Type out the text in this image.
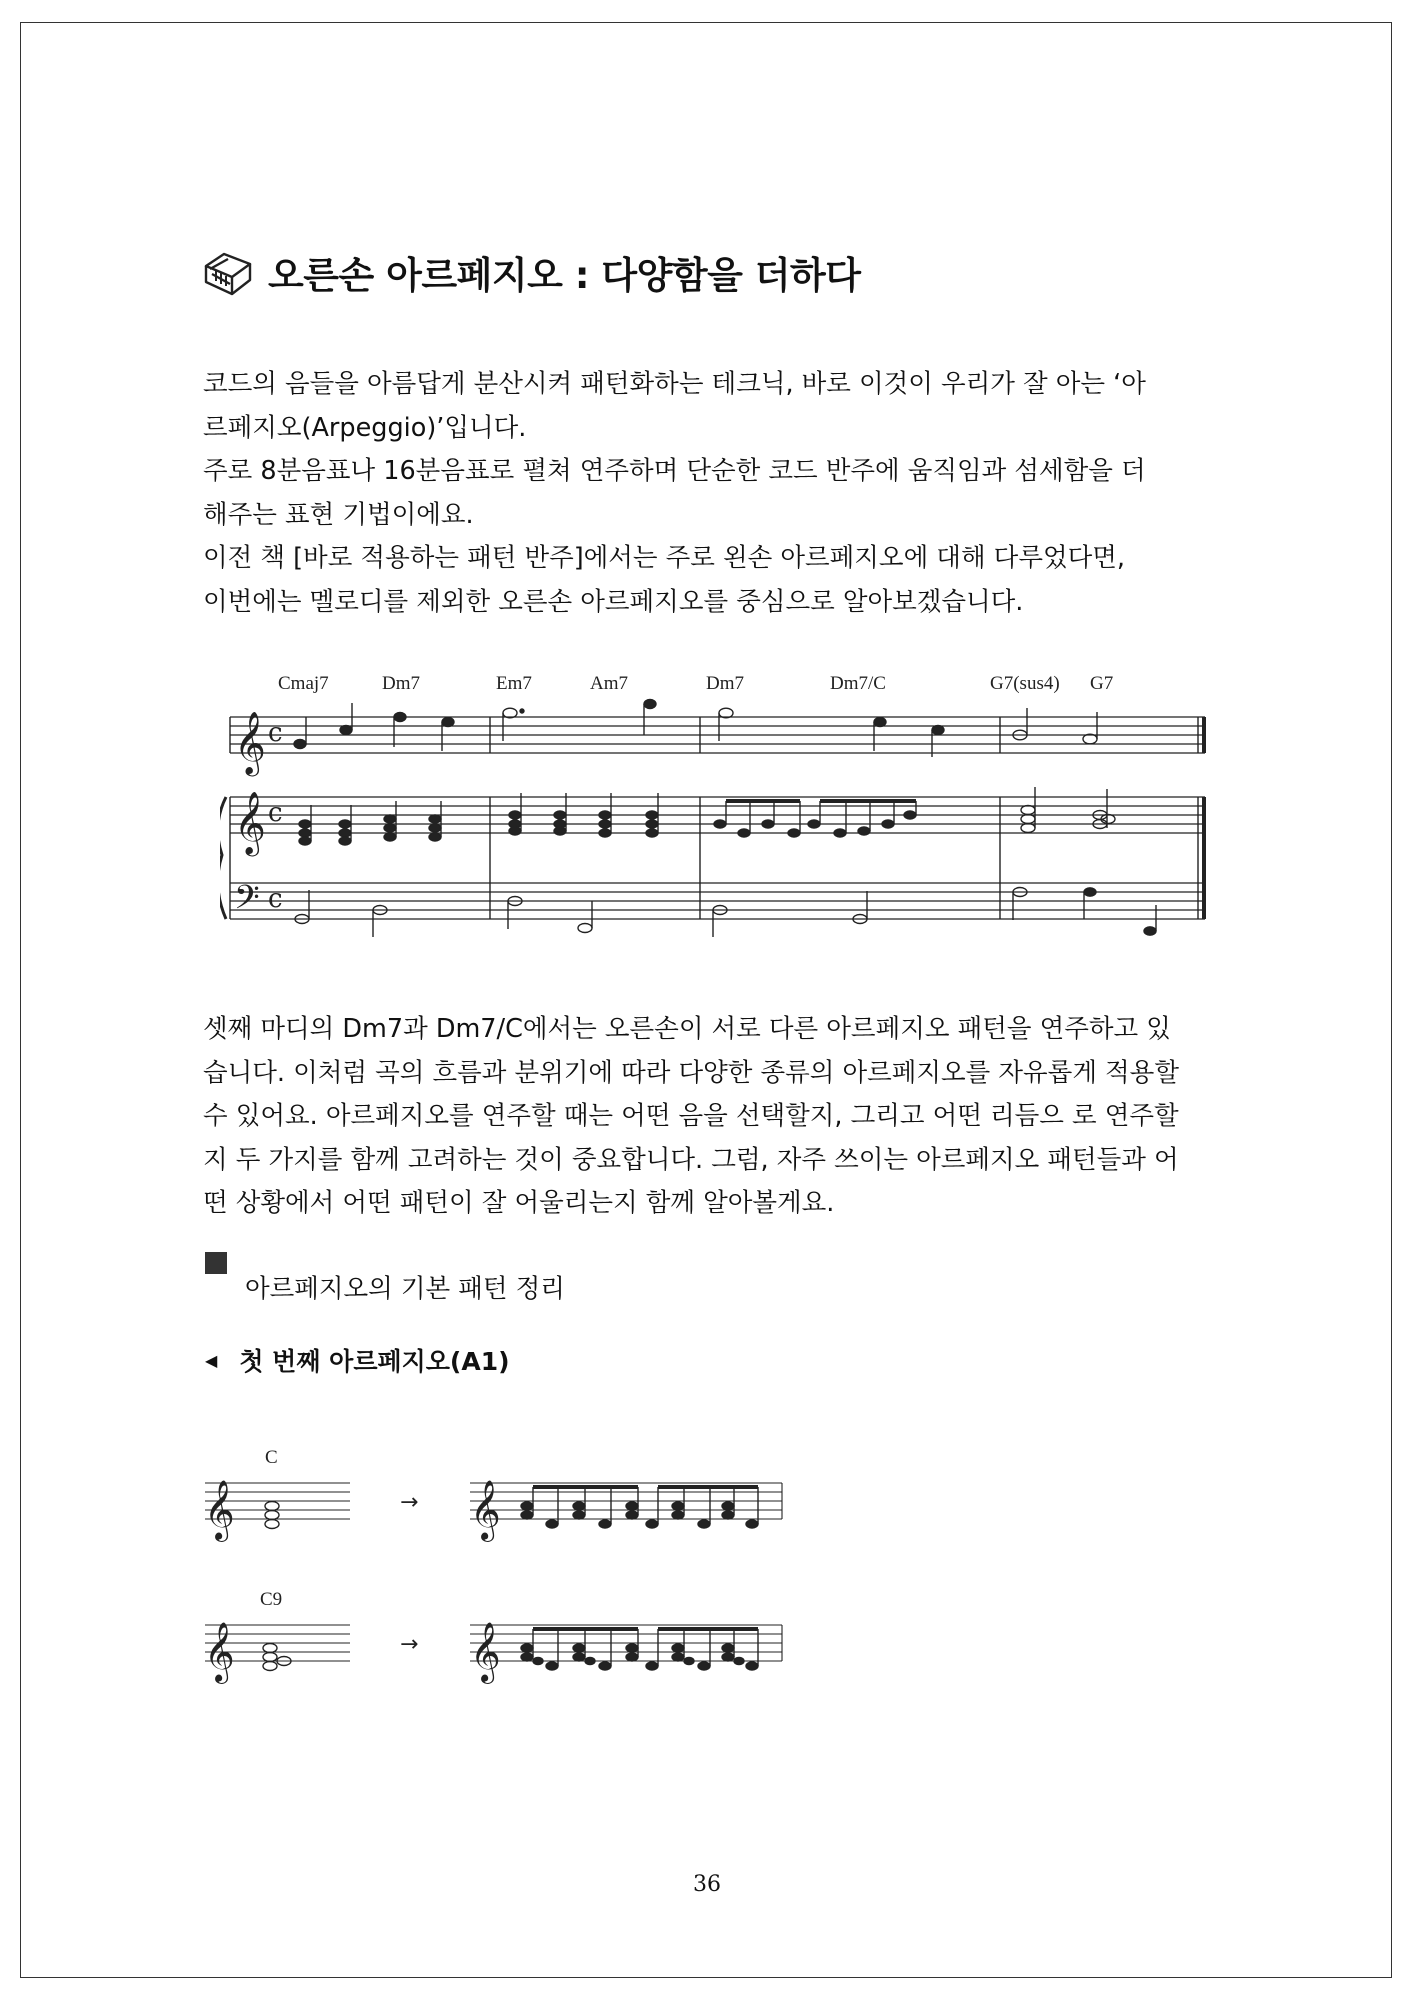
오른손 아르페지오 : 다양함을 더하다
코드의 음들을 아름답게 분산시켜 패턴화하는 테크닉, 바로 이것이 우리가 잘 아는 ‘아
르페지오(Arpeggio)’입니다.
주로 8분음표나 16분음표로 펼쳐 연주하며 단순한 코드 반주에 움직임과 섬세함을 더
해주는 표현 기법이에요.
이전 책 [바로 적용하는 패턴 반주]에서는 주로 왼손 아르페지오에 대해 다루었다면,
이번에는 멜로디를 제외한 오른손 아르페지오를 중심으로 알아보겠습니다.
Cmaj7	Dm7	Em7	Am7	Dm7	Dm7/C	G7(sus4) G7
𝄞
𝄞
𝄢
c
c
c
셋째 마디의 Dm7과 Dm7/C에서는 오른손이 서로 다른 아르페지오 패턴을 연주하고 있
습니다. 이처럼 곡의 흐름과 분위기에 따라 다양한 종류의 아르페지오를 자유롭게 적용할
수 있어요. 아르페지오를 연주할 때는 어떤 음을 선택할지, 그리고 어떤 리듬으 로 연주할
지 두 가지를 함께 고려하는 것이 중요합니다. 그럼, 자주 쓰이는 아르페지오 패턴들과 어
떤 상황에서 어떤 패턴이 잘 어울리는지 함께 알아볼게요.
아르페지오의 기본 패턴 정리
◀ 첫 번째 아르페지오(A1)
C
C9
𝄞	𝄞
𝄞	𝄞
→
→
36
